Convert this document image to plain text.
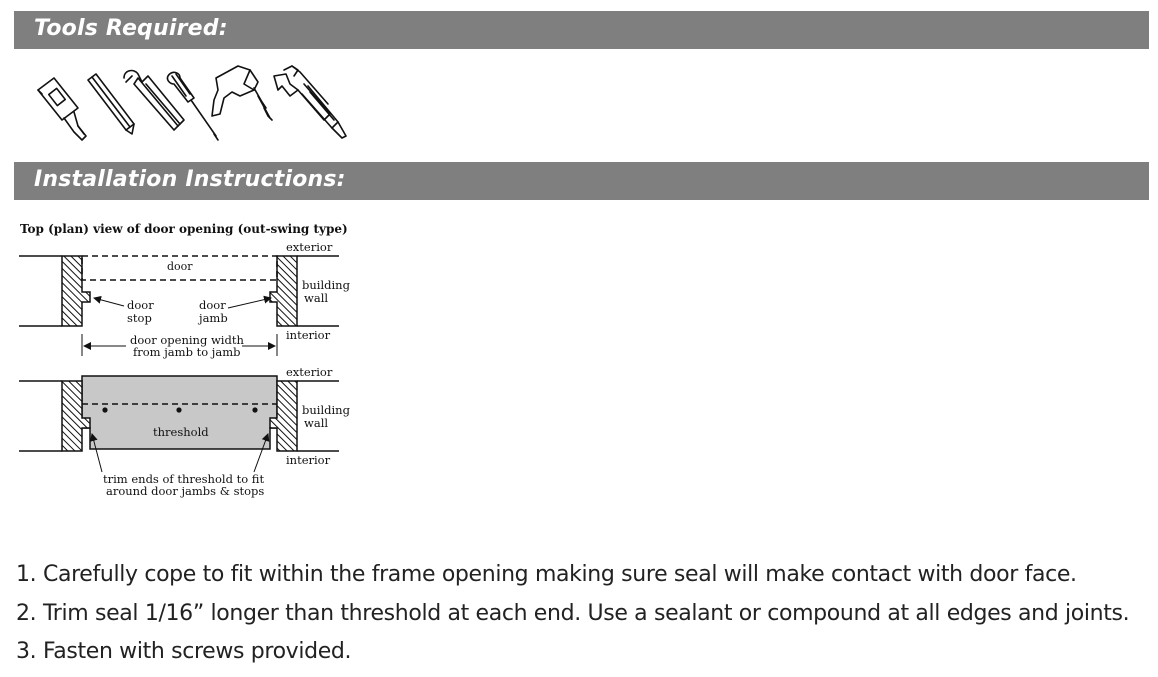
Tools Required:
Installation Instructions:
Top (plan) view of door opening (out-swing type)
door
exterior
interior
building
wall
door
stop
door
jamb
door opening width
from jamb to jamb
threshold
exterior
interior
building
wall
trim ends of threshold to fit
around door jambs & stops
1. Carefully cope to fit within the frame opening making sure seal will make contact with door face.
2. Trim seal 1/16” longer than threshold at each end. Use a sealant or compound at all edges and joints.
3. Fasten with screws provided.
